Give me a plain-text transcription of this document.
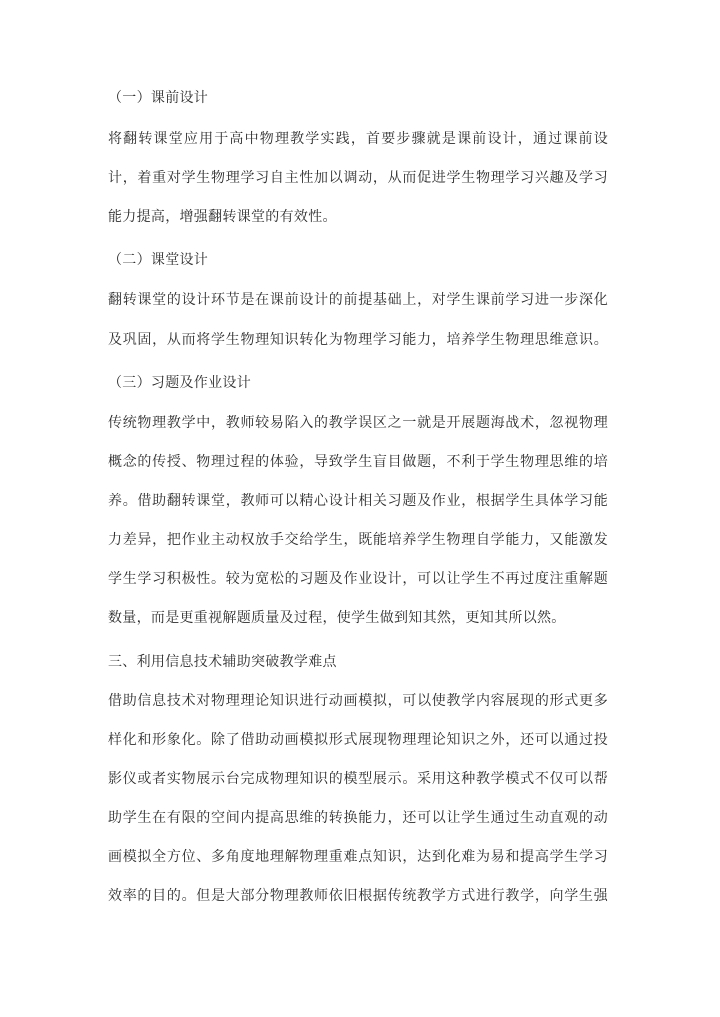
（一）课前设计
将翻转课堂应用于高中物理教学实践，首要步骤就是课前设计，通过课前设
计，着重对学生物理学习自主性加以调动，从而促进学生物理学习兴趣及学习
能力提高，增强翻转课堂的有效性。
（二）课堂设计
翻转课堂的设计环节是在课前设计的前提基础上，对学生课前学习进一步深化
及巩固，从而将学生物理知识转化为物理学习能力，培养学生物理思维意识。
（三）习题及作业设计
传统物理教学中，教师较易陷入的教学误区之一就是开展题海战术，忽视物理
概念的传授、物理过程的体验，导致学生盲目做题，不利于学生物理思维的培
养。借助翻转课堂，教师可以精心设计相关习题及作业，根据学生具体学习能
力差异，把作业主动权放手交给学生，既能培养学生物理自学能力，又能激发
学生学习积极性。较为宽松的习题及作业设计，可以让学生不再过度注重解题
数量，而是更重视解题质量及过程，使学生做到知其然，更知其所以然。
三、利用信息技术辅助突破教学难点
借助信息技术对物理理论知识进行动画模拟，可以使教学内容展现的形式更多
样化和形象化。除了借助动画模拟形式展现物理理论知识之外，还可以通过投
影仪或者实物展示台完成物理知识的模型展示。采用这种教学模式不仅可以帮
助学生在有限的空间内提高思维的转换能力，还可以让学生通过生动直观的动
画模拟全方位、多角度地理解物理重难点知识，达到化难为易和提高学生学习
效率的目的。但是大部分物理教师依旧根据传统教学方式进行教学，向学生强
